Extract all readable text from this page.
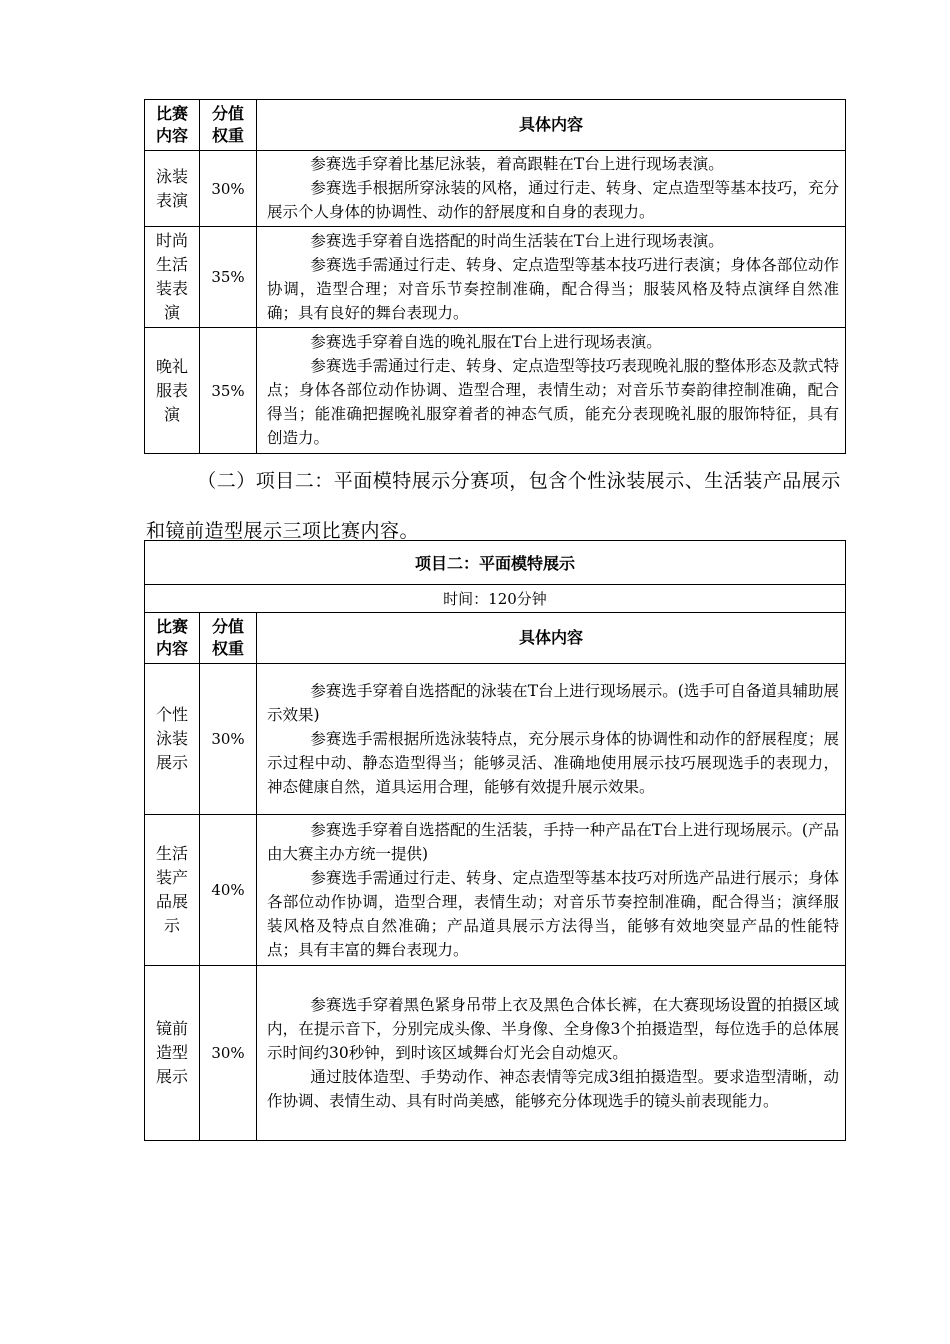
比赛内容	分值权重	具体内容
泳装表演	30%	参赛选手穿着比基尼泳装，着高跟鞋在T台上进行现场表演。

参赛选手根据所穿泳装的风格，通过行走、转身、定点造型等基本技巧，充分展示个人身体的协调性、动作的舒展度和自身的表现力。

时尚生活装表演	35%	参赛选手穿着自选搭配的时尚生活装在T台上进行现场表演。

参赛选手需通过行走、转身、定点造型等基本技巧进行表演；身体各部位动作协调，造型合理；对音乐节奏控制准确，配合得当；服装风格及特点演绎自然准确；具有良好的舞台表现力。

晚礼服表演	35%	参赛选手穿着自选的晚礼服在T台上进行现场表演。

参赛选手需通过行走、转身、定点造型等技巧表现晚礼服的整体形态及款式特点；身体各部位动作协调、造型合理，表情生动；对音乐节奏韵律控制准确，配合得当；能准确把握晚礼服穿着者的神态气质，能充分表现晚礼服的服饰特征，具有创造力。

（二）项目二：平面模特展示分赛项，包含个性泳装展示、生活装产品展示和镜前造型展示三项比赛内容。

项目二：平面模特展示		
时间：120分钟		
比赛内容	分值权重	具体内容
个性泳装展示	30%	参赛选手穿着自选搭配的泳装在T台上进行现场展示。(选手可自备道具辅助展示效果)

参赛选手需根据所选泳装特点，充分展示身体的协调性和动作的舒展程度；展示过程中动、静态造型得当；能够灵活、准确地使用展示技巧展现选手的表现力，神态健康自然，道具运用合理，能够有效提升展示效果。

生活装产品展示	40%	参赛选手穿着自选搭配的生活装，手持一种产品在T台上进行现场展示。(产品由大赛主办方统一提供)

参赛选手需通过行走、转身、定点造型等基本技巧对所选产品进行展示；身体各部位动作协调，造型合理，表情生动；对音乐节奏控制准确，配合得当；演绎服装风格及特点自然准确；产品道具展示方法得当，能够有效地突显产品的性能特点；具有丰富的舞台表现力。

镜前造型展示	30%	参赛选手穿着黑色紧身吊带上衣及黑色合体长裤，在大赛现场设置的拍摄区域内，在提示音下，分别完成头像、半身像、全身像3个拍摄造型，每位选手的总体展示时间约30秒钟，到时该区域舞台灯光会自动熄灭。

通过肢体造型、手势动作、神态表情等完成3组拍摄造型。要求造型清晰，动作协调、表情生动、具有时尚美感，能够充分体现选手的镜头前表现能力。
